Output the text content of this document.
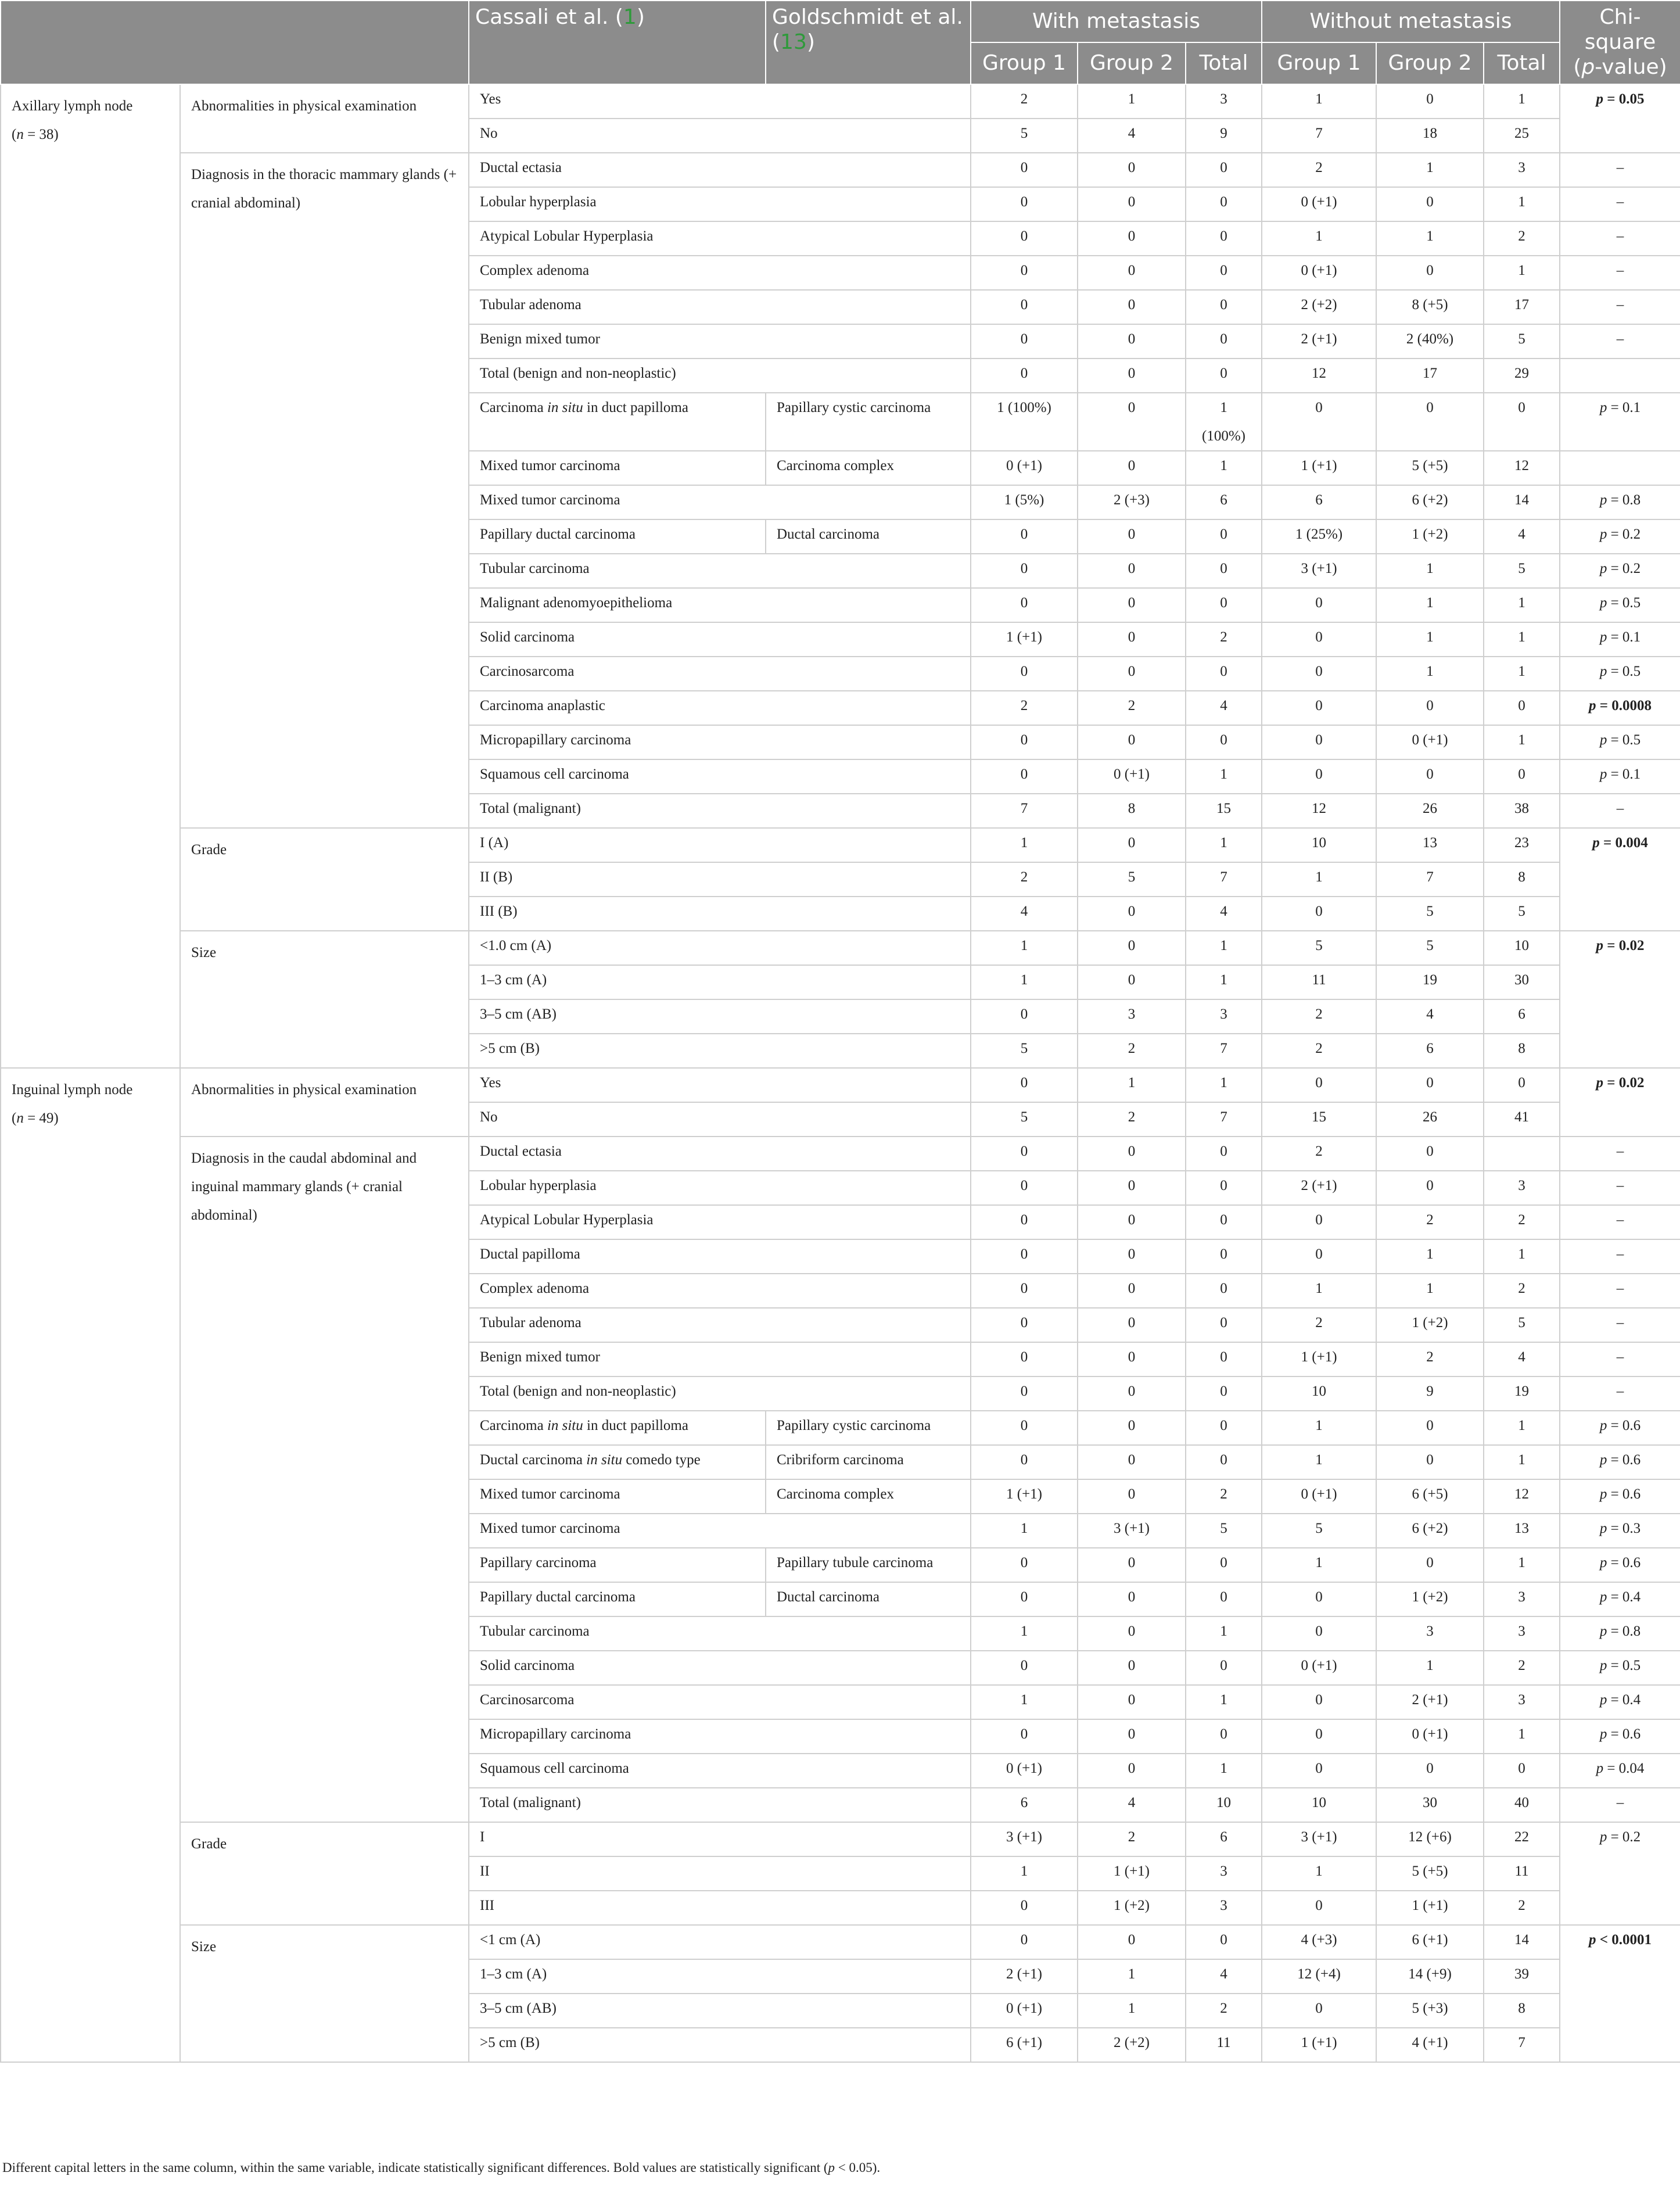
		Cassali et al. (1)	Goldschmidt et al. (13)	With metastasis			Without metastasis			Chi-square
(p-value)
				Group 1	Group 2	Total	Group 1	Group 2	Total	
Axillary lymph node
(n = 38)	Abnormalities in physical examination	Yes		2	1	3	1	0	1	p = 0.05
		No		5	4	9	7	18	25	
	Diagnosis in the thoracic mammary glands (+ cranial abdominal)	Ductal ectasia		0	0	0	2	1	3	–
		Lobular hyperplasia		0	0	0	0 (+1)	0	1	–
		Atypical Lobular Hyperplasia		0	0	0	1	1	2	–
		Complex adenoma		0	0	0	0 (+1)	0	1	–
		Tubular adenoma		0	0	0	2 (+2)	8 (+5)	17	–
		Benign mixed tumor		0	0	0	2 (+1)	2 (40%)	5	–
		Total (benign and non-neoplastic)		0	0	0	12	17	29	
		Carcinoma in situ in duct papilloma	Papillary cystic carcinoma	1 (100%)	0	1 (100%)	0	0	0	p = 0.1
		Mixed tumor carcinoma	Carcinoma complex	0 (+1)	0	1	1 (+1)	5 (+5)	12	
		Mixed tumor carcinoma		1 (5%)	2 (+3)	6	6	6 (+2)	14	p = 0.8
		Papillary ductal carcinoma	Ductal carcinoma	0	0	0	1 (25%)	1 (+2)	4	p = 0.2
		Tubular carcinoma		0	0	0	3 (+1)	1	5	p = 0.2
		Malignant adenomyoepithelioma		0	0	0	0	1	1	p = 0.5
		Solid carcinoma		1 (+1)	0	2	0	1	1	p = 0.1
		Carcinosarcoma		0	0	0	0	1	1	p = 0.5
		Carcinoma anaplastic		2	2	4	0	0	0	p = 0.0008
		Micropapillary carcinoma		0	0	0	0	0 (+1)	1	p = 0.5
		Squamous cell carcinoma		0	0 (+1)	1	0	0	0	p = 0.1
		Total (malignant)		7	8	15	12	26	38	–
	Grade	I (A)		1	0	1	10	13	23	p = 0.004
		II (B)		2	5	7	1	7	8	
		III (B)		4	0	4	0	5	5	
	Size	<1.0 cm (A)		1	0	1	5	5	10	p = 0.02
		1–3 cm (A)		1	0	1	11	19	30	
		3–5 cm (AB)		0	3	3	2	4	6	
		>5 cm (B)		5	2	7	2	6	8	
Inguinal lymph node
(n = 49)	Abnormalities in physical examination	Yes		0	1	1	0	0	0	p = 0.02
		No		5	2	7	15	26	41	
	Diagnosis in the caudal abdominal and inguinal mammary glands (+ cranial abdominal)	Ductal ectasia		0	0	0	2	0		–
		Lobular hyperplasia		0	0	0	2 (+1)	0	3	–
		Atypical Lobular Hyperplasia		0	0	0	0	2	2	–
		Ductal papilloma		0	0	0	0	1	1	–
		Complex adenoma		0	0	0	1	1	2	–
		Tubular adenoma		0	0	0	2	1 (+2)	5	–
		Benign mixed tumor		0	0	0	1 (+1)	2	4	–
		Total (benign and non-neoplastic)		0	0	0	10	9	19	–
		Carcinoma in situ in duct papilloma	Papillary cystic carcinoma	0	0	0	1	0	1	p = 0.6
		Ductal carcinoma in situ comedo type	Cribriform carcinoma	0	0	0	1	0	1	p = 0.6
		Mixed tumor carcinoma	Carcinoma complex	1 (+1)	0	2	0 (+1)	6 (+5)	12	p = 0.6
		Mixed tumor carcinoma		1	3 (+1)	5	5	6 (+2)	13	p = 0.3
		Papillary carcinoma	Papillary tubule carcinoma	0	0	0	1	0	1	p = 0.6
		Papillary ductal carcinoma	Ductal carcinoma	0	0	0	0	1 (+2)	3	p = 0.4
		Tubular carcinoma		1	0	1	0	3	3	p = 0.8
		Solid carcinoma		0	0	0	0 (+1)	1	2	p = 0.5
		Carcinosarcoma		1	0	1	0	2 (+1)	3	p = 0.4
		Micropapillary carcinoma		0	0	0	0	0 (+1)	1	p = 0.6
		Squamous cell carcinoma		0 (+1)	0	1	0	0	0	p = 0.04
		Total (malignant)		6	4	10	10	30	40	–
	Grade	I		3 (+1)	2	6	3 (+1)	12 (+6)	22	p = 0.2
		II		1	1 (+1)	3	1	5 (+5)	11	
		III		0	1 (+2)	3	0	1 (+1)	2	
	Size	<1 cm (A)		0	0	0	4 (+3)	6 (+1)	14	p < 0.0001
		1–3 cm (A)		2 (+1)	1	4	12 (+4)	14 (+9)	39	
		3–5 cm (AB)		0 (+1)	1	2	0	5 (+3)	8	
		>5 cm (B)		6 (+1)	2 (+2)	11	1 (+1)	4 (+1)	7	
Different capital letters in the same column, within the same variable, indicate statistically significant differences. Bold values are statistically significant (p < 0.05).
